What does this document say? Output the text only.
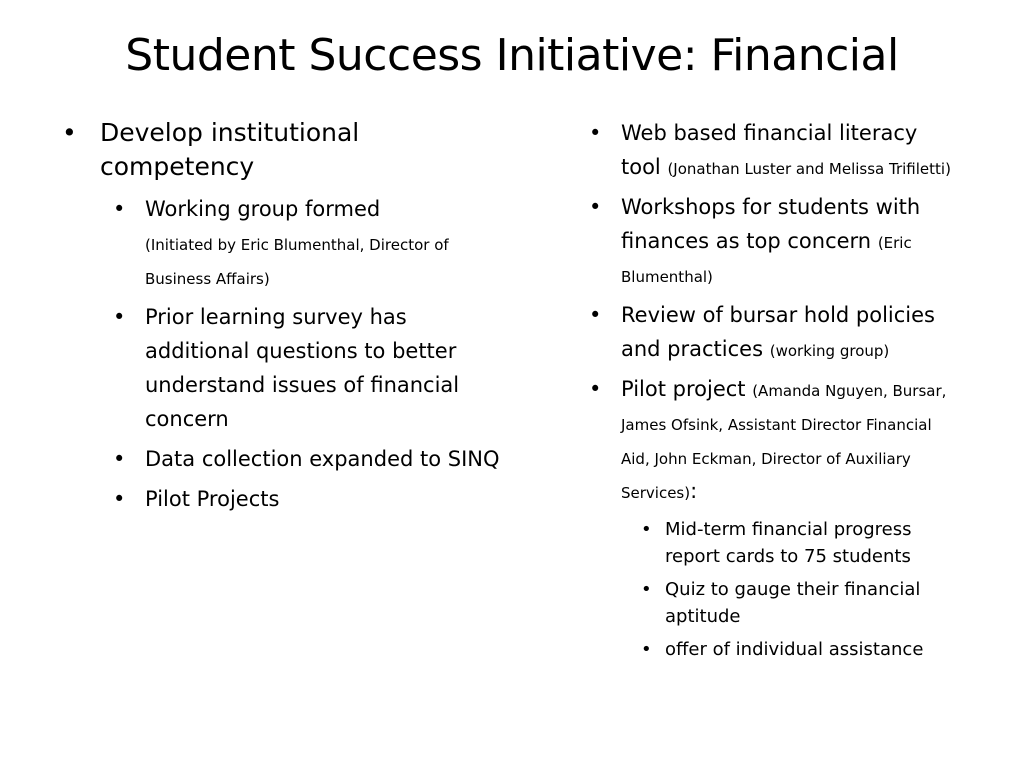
Student Success Initiative: Financial
• Develop institutional competency
• Working group formed
(Initiated by Eric Blumenthal, Director of Business Affairs)
• Prior learning survey has additional questions to better understand issues of financial concern
• Data collection expanded to SINQ
• Pilot Projects
• Web based financial literacy tool (Jonathan Luster and Melissa Trifiletti)
• Workshops for students with finances as top concern (Eric Blumenthal)
• Review of bursar hold policies and practices (working group)
• Pilot project (Amanda Nguyen, Bursar, James Ofsink, Assistant Director Financial Aid, John Eckman, Director of Auxiliary Services):
• Mid-term financial progress report cards to 75 students
• Quiz to gauge their financial aptitude
• offer of individual assistance
